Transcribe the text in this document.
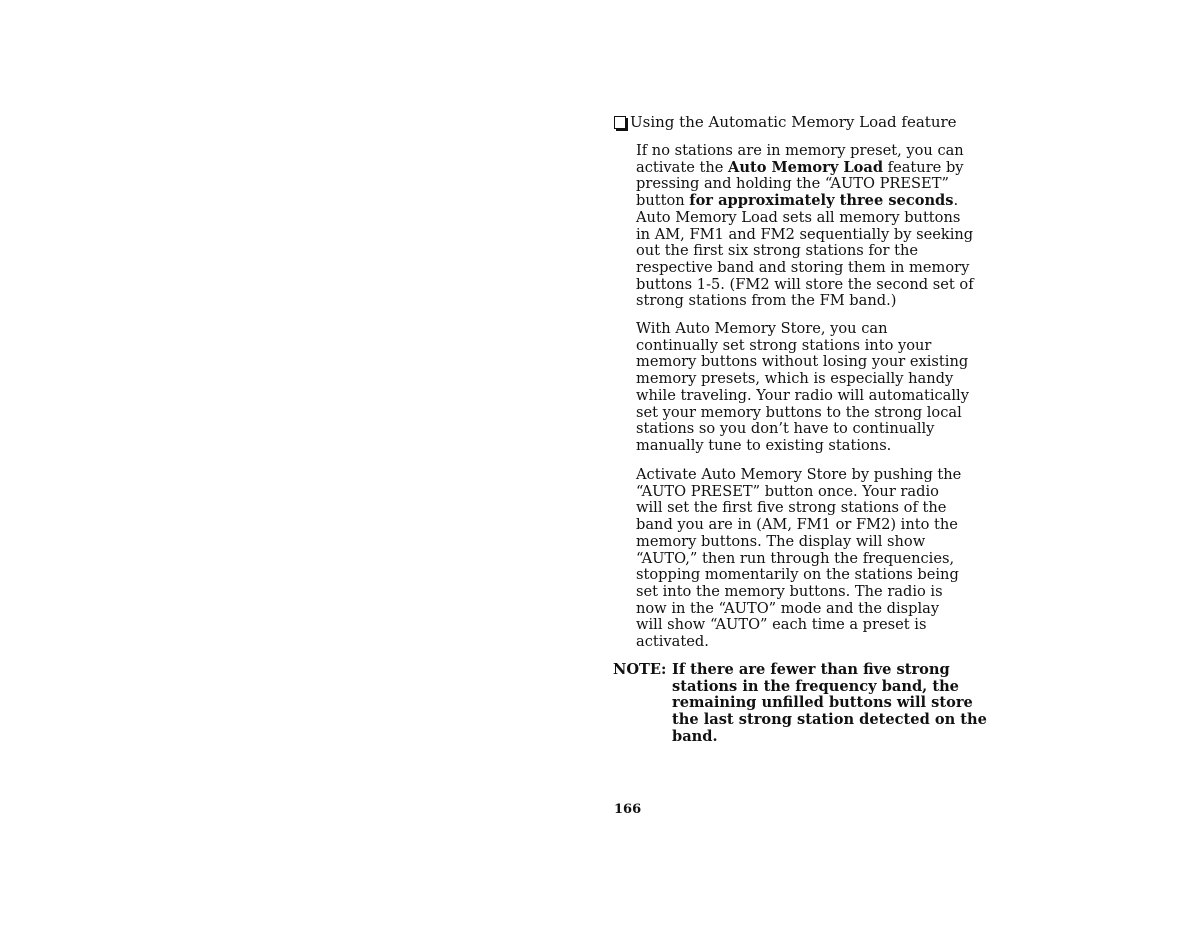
Using the Automatic Memory Load feature
If no stations are in memory preset, you can
activate the Auto Memory Load feature by
pressing and holding the “AUTO PRESET”
button for approximately three seconds.
Auto Memory Load sets all memory buttons
in AM, FM1 and FM2 sequentially by seeking
out the first six strong stations for the
respective band and storing them in memory
buttons 1-5. (FM2 will store the second set of
strong stations from the FM band.)
With Auto Memory Store, you can
continually set strong stations into your
memory buttons without losing your existing
memory presets, which is especially handy
while traveling. Your radio will automatically
set your memory buttons to the strong local
stations so you don’t have to continually
manually tune to existing stations.
Activate Auto Memory Store by pushing the
“AUTO PRESET” button once. Your radio
will set the first five strong stations of the
band you are in (AM, FM1 or FM2) into the
memory buttons. The display will show
“AUTO,” then run through the frequencies,
stopping momentarily on the stations being
set into the memory buttons. The radio is
now in the “AUTO” mode and the display
will show “AUTO” each time a preset is
activated.
NOTE: If there are fewer than five strong
stations in the frequency band, the
remaining unfilled buttons will store
the last strong station detected on the
band.
166
